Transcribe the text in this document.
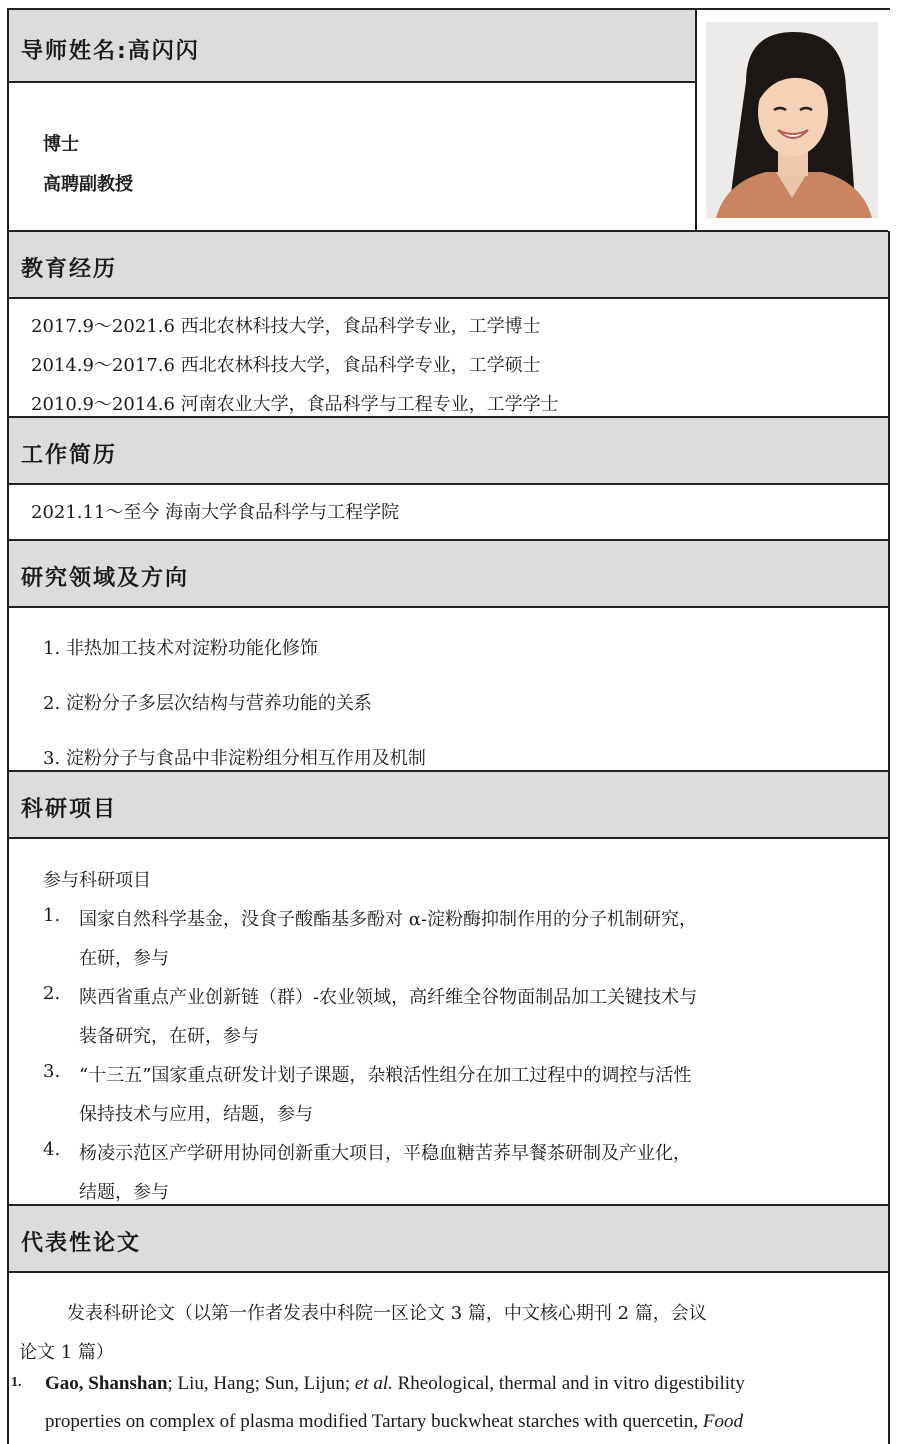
导师姓名:高闪闪
博士
高聘副教授
教育经历
2017.9～2021.6 西北农林科技大学，食品科学专业，工学博士
2014.9～2017.6 西北农林科技大学，食品科学专业，工学硕士
2010.9～2014.6 河南农业大学，食品科学与工程专业，工学学士
工作简历
2021.11～至今 海南大学食品科学与工程学院
研究领域及方向
1. 非热加工技术对淀粉功能化修饰
2. 淀粉分子多层次结构与营养功能的关系
3. 淀粉分子与食品中非淀粉组分相互作用及机制
科研项目
参与科研项目
1. 国家自然科学基金，没食子酸酯基多酚对 α-淀粉酶抑制作用的分子机制研究，
在研，参与
2. 陕西省重点产业创新链（群）-农业领域，高纤维全谷物面制品加工关键技术与
装备研究，在研，参与
3. “十三五”国家重点研发计划子课题，杂粮活性组分在加工过程中的调控与活性
保持技术与应用，结题，参与
4. 杨凌示范区产学研用协同创新重大项目，平稳血糖苦荞早餐茶研制及产业化，
结题，参与
代表性论文
发表科研论文（以第一作者发表中科院一区论文 3 篇，中文核心期刊 2 篇，会议
论文 1 篇）
1. Gao, Shanshan; Liu, Hang; Sun, Lijun; et al. Rheological, thermal and in vitro digestibility
properties on complex of plasma modified Tartary buckwheat starches with quercetin, Food
